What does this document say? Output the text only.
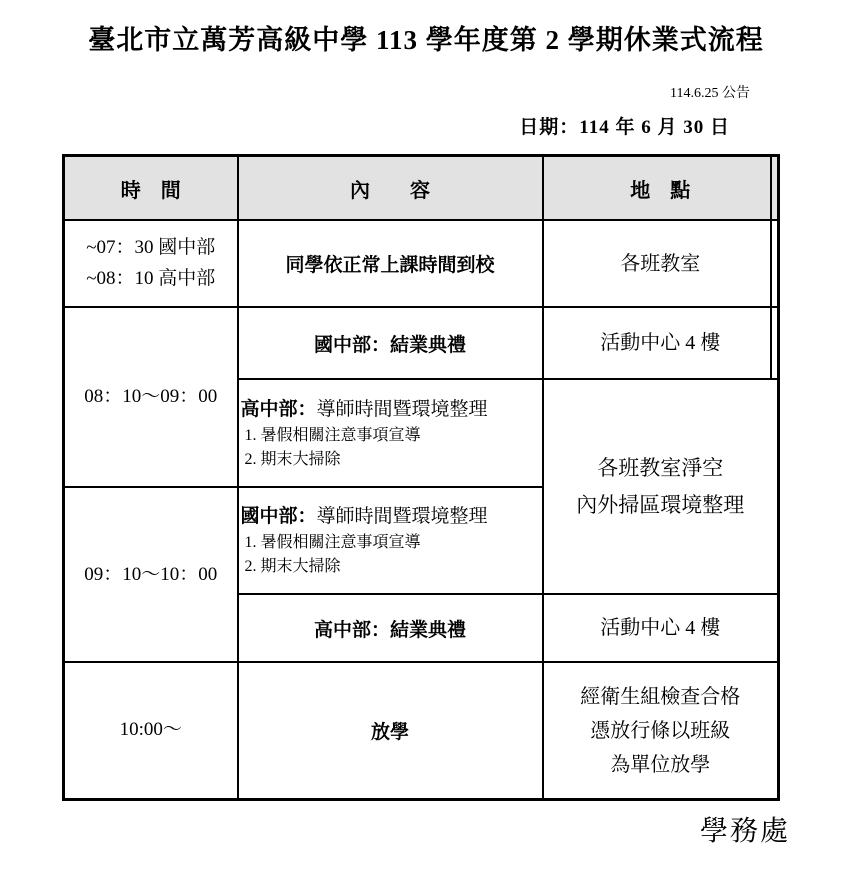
臺北市立萬芳高級中學 113 學年度第 2 學期休業式流程
114.6.25 公告
日期：114 年 6 月 30 日
時　間	內　　容	地　點

~07：30 國中部
~08：10 高中部	同學依正常上課時間到校	各班教室
08：10～09：00	國中部：結業典禮	活動中心 4 樓

高中部：導師時間暨環境整理
1. 暑假相關注意事項宣導
2. 期末大掃除	各班教室淨空
內外掃區環境整理

09：10～10：00	國中部：導師時間暨環境整理
1. 暑假相關注意事項宣導
2. 期末大掃除	

	高中部：結業典禮	活動中心 4 樓
10:00～	放學	經衛生組檢查合格
憑放行條以班級
為單位放學
學務處
